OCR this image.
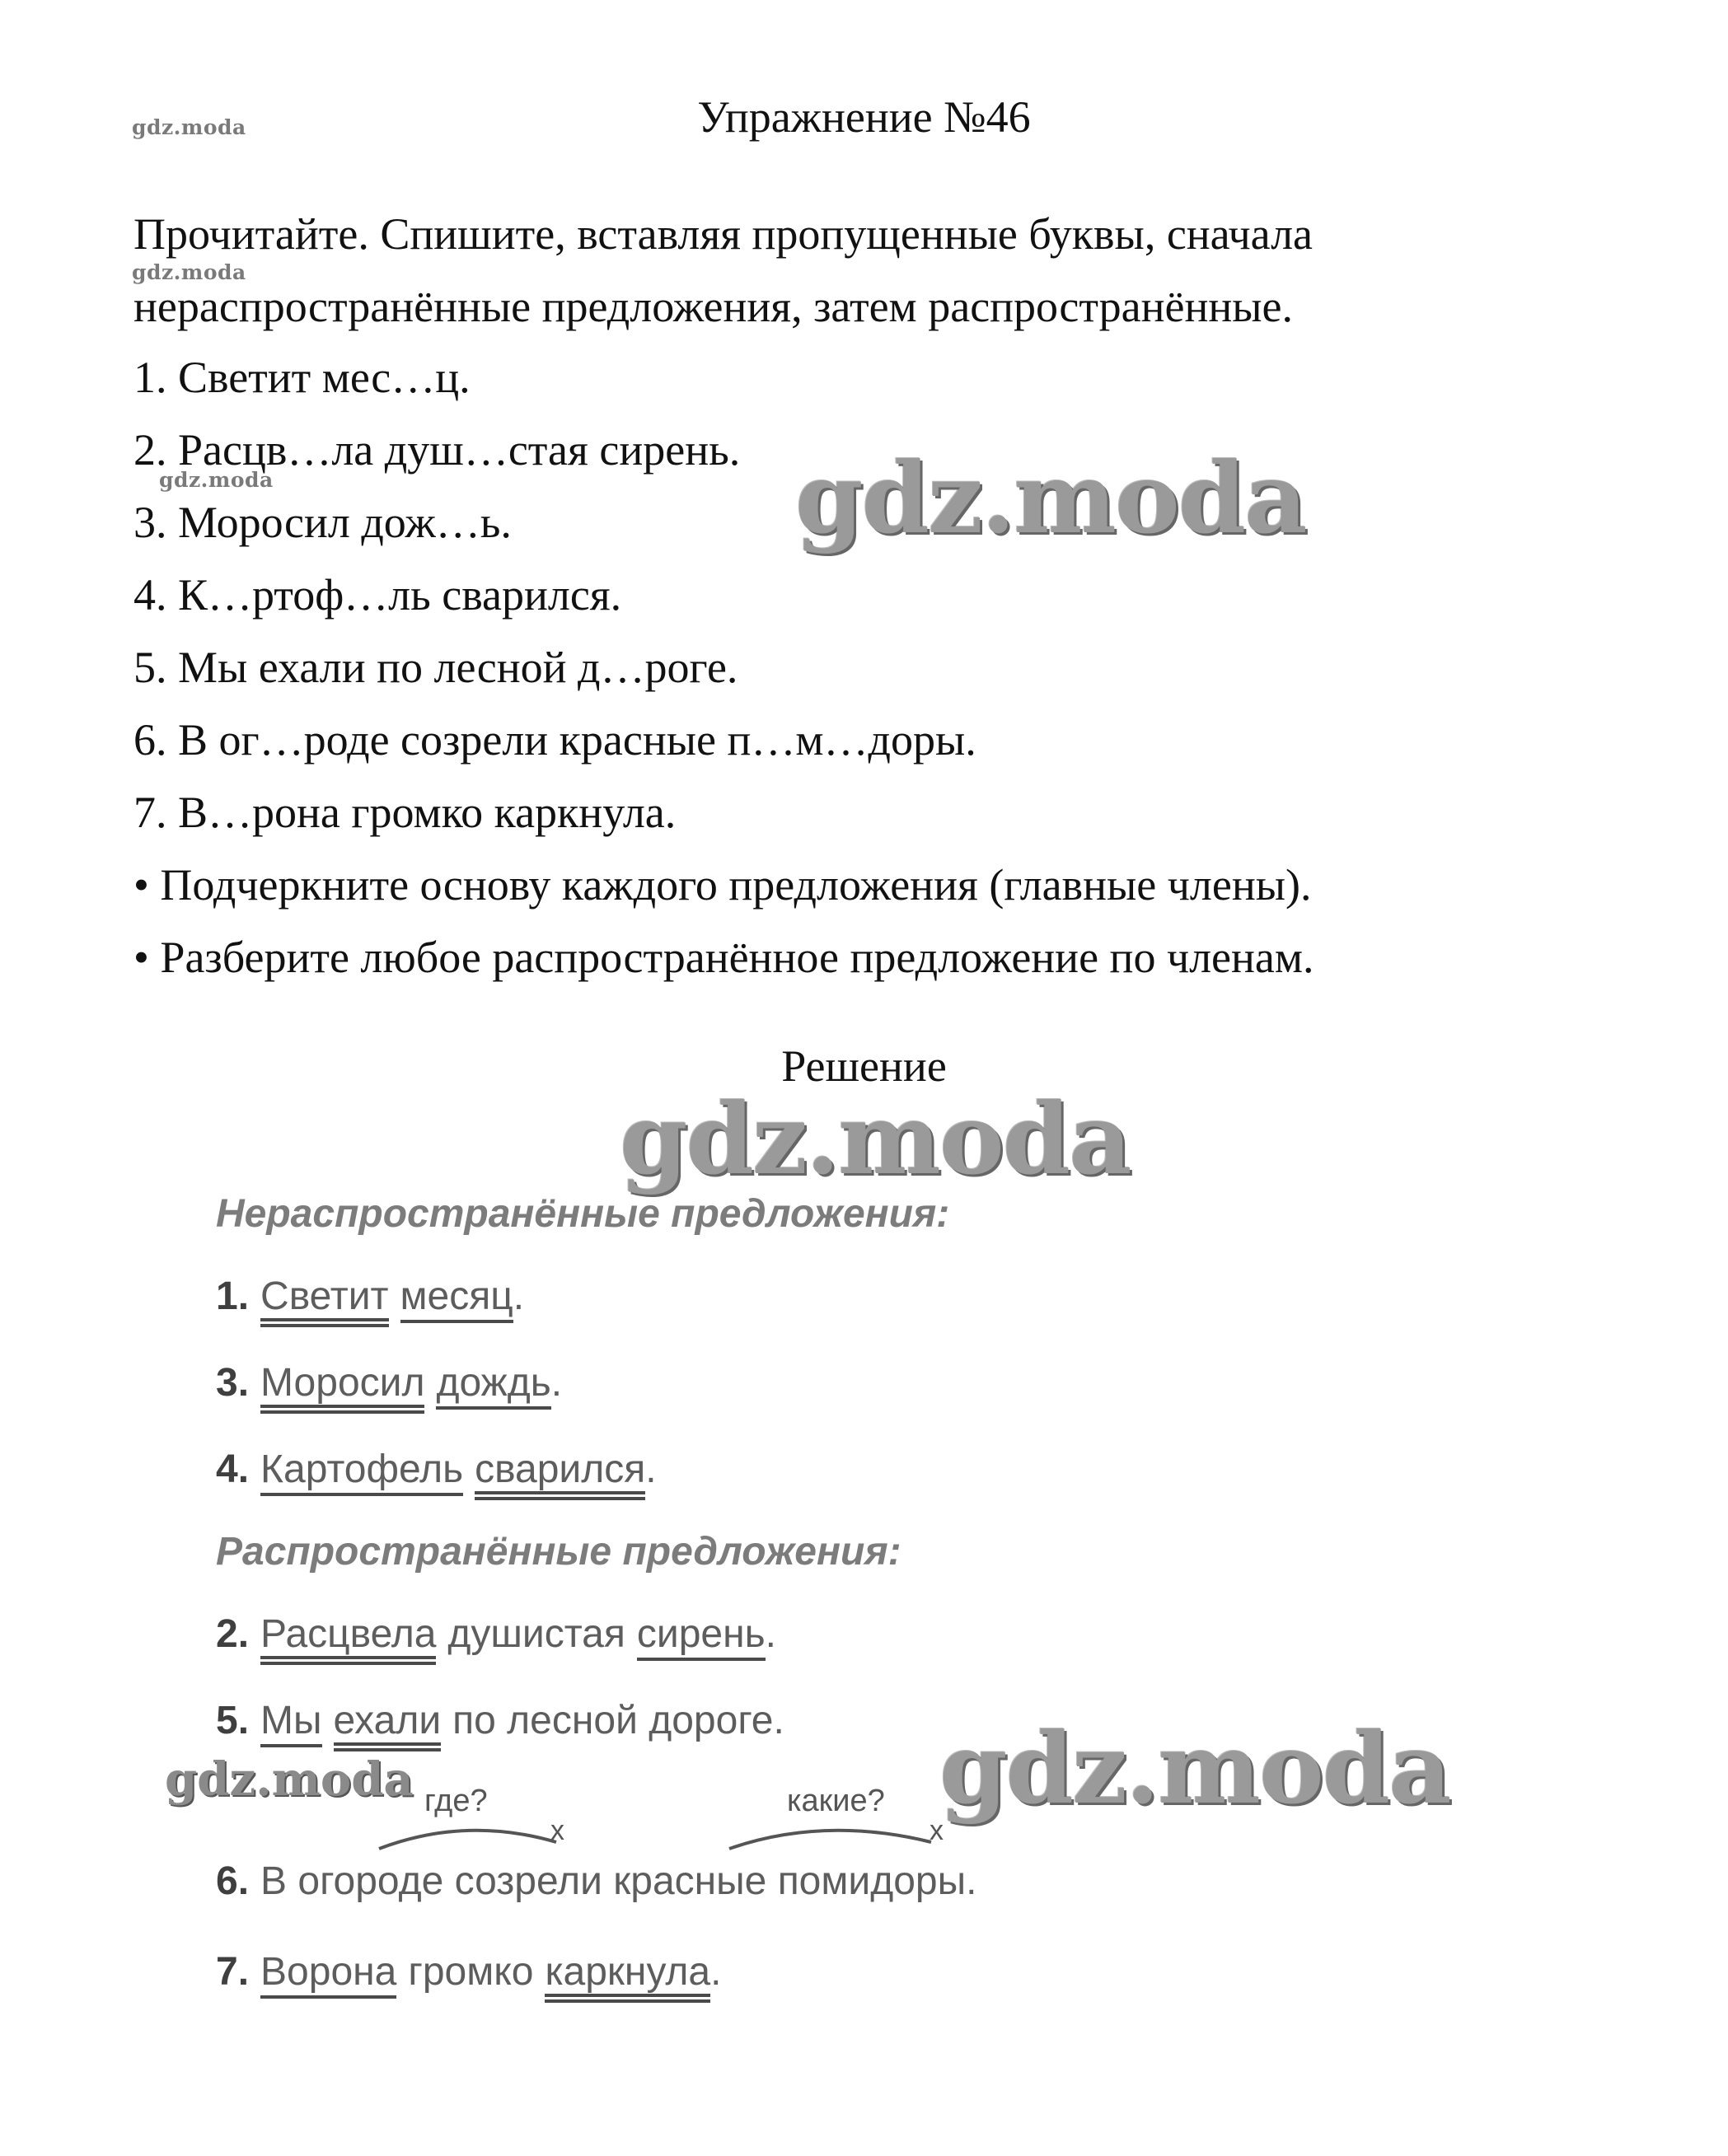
gdz.moda
gdz.moda
gdz.moda
Упражнение №46
Прочитайте. Спишите, вставляя пропущенные буквы, сначала нераспространённые предложения, затем распространённые.
1. Светит мес…ц.
2. Расцв…ла душ…стая сирень.
3. Моросил дож…ь.
4. К…ртоф…ль сварился.
5. Мы ехали по лесной д…роге.
6. В ог…роде созрели красные п…м…доры.
7. В…рона громко каркнула.
• Подчеркните основу каждого предложения (главные члены).
• Разберите любое распространённое предложение по членам.
gdz.moda
Решение
gdz.moda
Нераспространённые предложения:
1. Светит месяц.
3. Моросил дождь.
4. Картофель сварился.
Распространённые предложения:
2. Расцвела душистая сирень.
5. Мы ехали по лесной дороге.
gdz.moda	gdz.moda
где?	какие?
x	x
6. В огороде созрели красные помидоры.
7. Ворона громко каркнула.
